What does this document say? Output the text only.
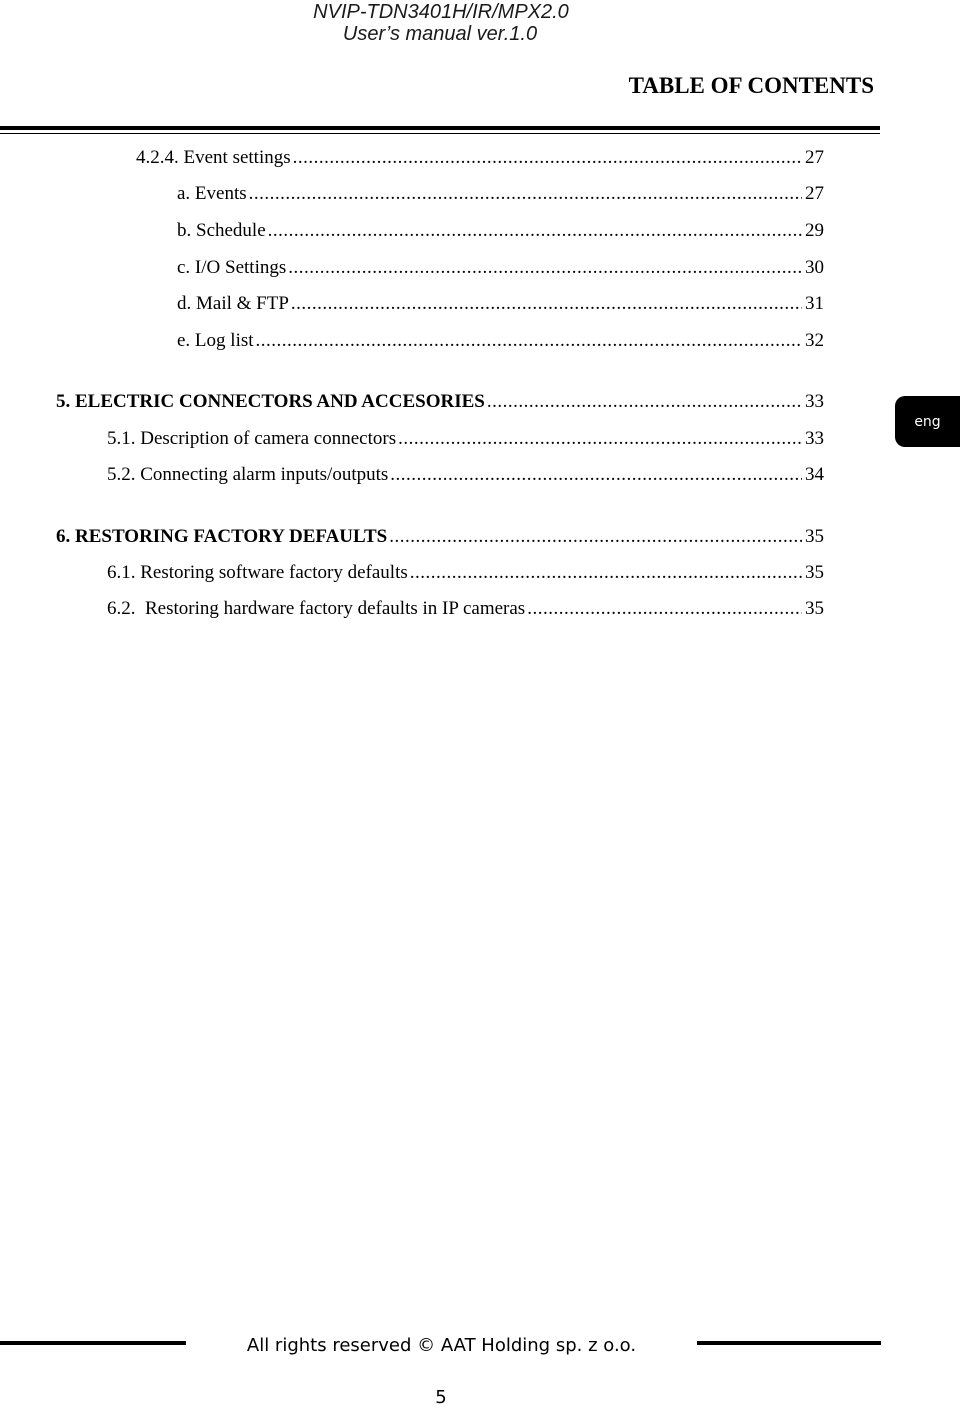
NVIP-TDN3401H/IR/MPX2.0
User’s manual ver.1.0
TABLE OF CONTENTS
4.2.4. Event settings .....	27
a. Events .....	27
b. Schedule .....	29
c. I/O Settings .....	30
d. Mail & FTP .....	31
e. Log list .....	32
5. ELECTRIC CONNECTORS AND ACCESORIES .....	33
5.1. Description of camera connectors .....	33
5.2. Connecting alarm inputs/outputs .....	34
6. RESTORING FACTORY DEFAULTS .....	35
6.1. Restoring software factory defaults .....	35
6.2.  Restoring hardware factory defaults in IP cameras .....	35
eng
All rights reserved © AAT Holding sp. z o.o.
5
